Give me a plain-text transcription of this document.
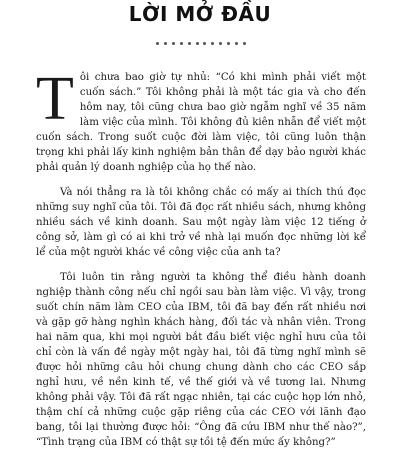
LỜI MỞ ĐẦU

Tôi chưa bao giờ tự nhủ: “Có khi mình phải viết một cuốn sách.” Tôi không phải là một tác gia và cho đến hôm nay, tôi cũng chưa bao giờ ngẫm nghĩ về 35 năm làm việc của mình. Tôi không đủ kiên nhẫn để viết một cuốn sách. Trong suốt cuộc đời làm việc, tôi cũng luôn thận trọng khi phải lấy kinh nghiệm bản thân để dạy bảo người khác phải quản lý doanh nghiệp của họ thế nào.

Và nói thẳng ra là tôi không chắc có mấy ai thích thú đọc những suy nghĩ của tôi. Tôi đã đọc rất nhiều sách, nhưng không nhiều sách về kinh doanh. Sau một ngày làm việc 12 tiếng ở công sở, làm gì có ai khi trở về nhà lại muốn đọc những lời kể lể của một người khác về công việc của anh ta?

Tôi luôn tin rằng người ta không thể điều hành doanh nghiệp thành công nếu chỉ ngồi sau bàn làm việc. Vì vậy, trong suốt chín năm làm CEO của IBM, tôi đã bay đến rất nhiều nơi và gặp gỡ hàng nghìn khách hàng, đối tác và nhân viên. Trong hai năm qua, khi mọi người bắt đầu biết việc nghỉ hưu của tôi chỉ còn là vấn đề ngày một ngày hai, tôi đã từng nghĩ mình sẽ được hỏi những câu hỏi chung chung dành cho các CEO sắp nghỉ hưu, về nền kinh tế, về thế giới và về tương lai. Nhưng không phải vậy. Tôi đã rất ngạc nhiên, tại các cuộc họp lớn nhỏ, thậm chí cả những cuộc gặp riêng của các CEO với lãnh đạo bang, tôi lại thường được hỏi: “Ông đã cứu IBM như thế nào?”, “Tình trạng của IBM có thật sự tồi tệ đến mức ấy không?”
